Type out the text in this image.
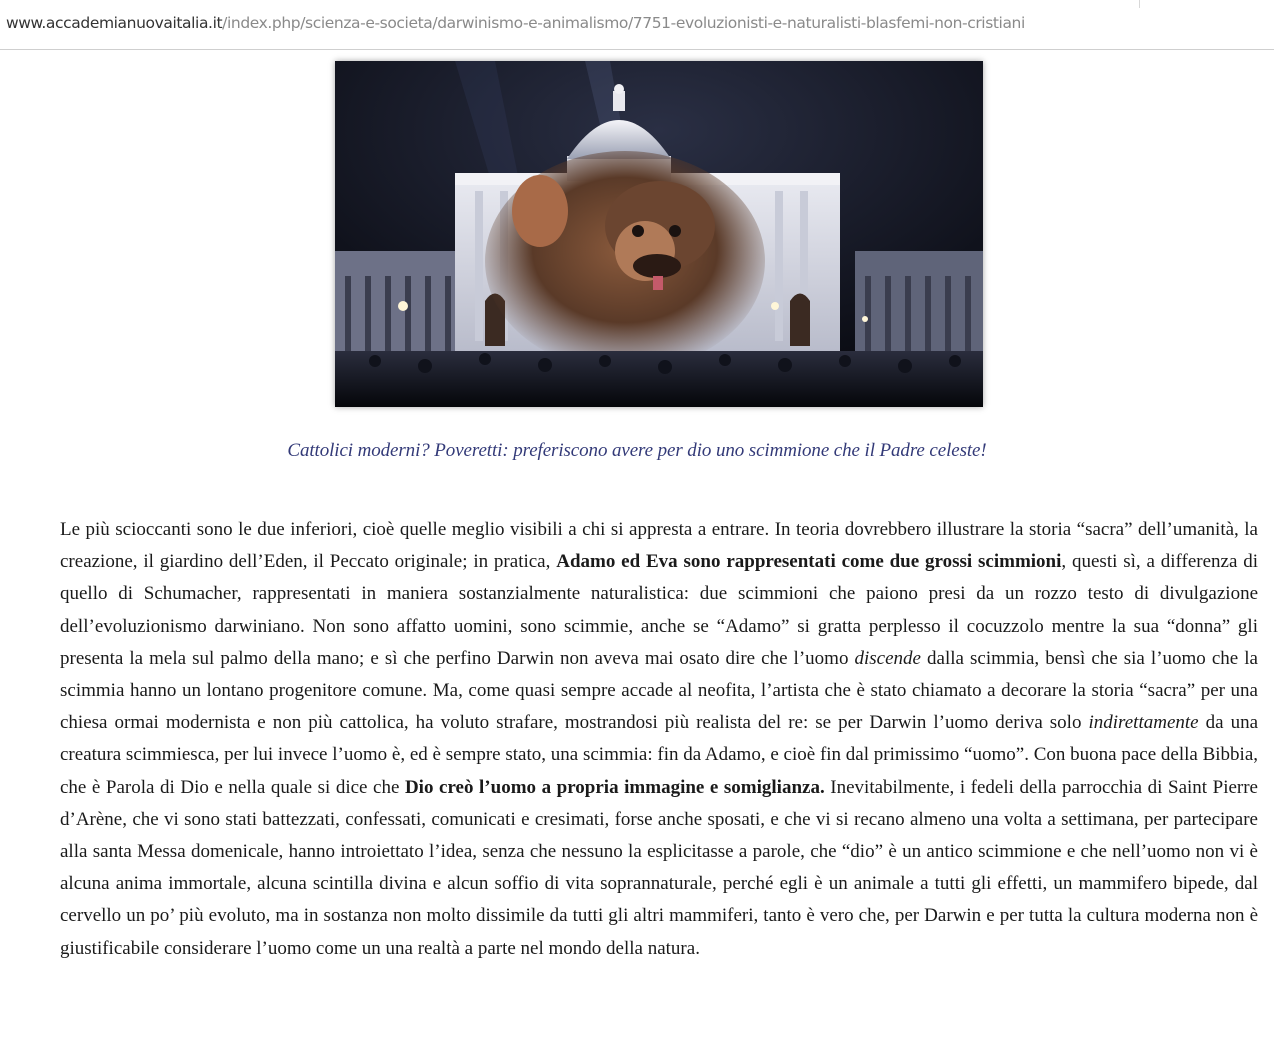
www.accademianuovaitalia.it/index.php/scienza-e-societa/darwinismo-e-animalismo/7751-evoluzionisti-e-naturalisti-blasfemi-non-cristiani
Cattolici moderni? Poveretti: preferiscono avere per dio uno scimmione che il Padre celeste!

Le più scioccanti sono le due inferiori, cioè quelle meglio visibili a chi si appresta a entrare. In teoria dovrebbero illustrare la storia “sacra” dell’umanità, la creazione, il giardino dell’Eden, il Peccato originale; in pratica, Adamo ed Eva sono rappresentati come due grossi scimmioni, questi sì, a differenza di quello di Schumacher, rappresentati in maniera sostanzialmente naturalistica: due scimmioni che paiono presi da un rozzo testo di divulgazione dell’evoluzionismo darwiniano. Non sono affatto uomini, sono scimmie, anche se “Adamo” si gratta perplesso il cocuzzolo mentre la sua “donna” gli presenta la mela sul palmo della mano; e sì che perfino Darwin non aveva mai osato dire che l’uomo discende dalla scimmia, bensì che sia l’uomo che la scimmia hanno un lontano progenitore comune. Ma, come quasi sempre accade al neofita, l’artista che è stato chiamato a decorare la storia “sacra” per una chiesa ormai modernista e non più cattolica, ha voluto strafare, mostrandosi più realista del re: se per Darwin l’uomo deriva solo indirettamente da una creatura scimmiesca, per lui invece l’uomo è, ed è sempre stato, una scimmia: fin da Adamo, e cioè fin dal primissimo “uomo”. Con buona pace della Bibbia, che è Parola di Dio e nella quale si dice che Dio creò l’uomo a propria immagine e somiglianza. Inevitabilmente, i fedeli della parrocchia di Saint Pierre d’Arène, che vi sono stati battezzati, confessati, comunicati e cresimati, forse anche sposati, e che vi si recano almeno una volta a settimana, per partecipare alla santa Messa domenicale, hanno introiettato l’idea, senza che nessuno la esplicitasse a parole, che “dio” è un antico scimmione e che nell’uomo non vi è alcuna anima immortale, alcuna scintilla divina e alcun soffio di vita soprannaturale, perché egli è un animale a tutti gli effetti, un mammifero bipede, dal cervello un po’ più evoluto, ma in sostanza non molto dissimile da tutti gli altri mammiferi, tanto è vero che, per Darwin e per tutta la cultura moderna non è giustificabile considerare l’uomo come un una realtà a parte nel mondo della natura.
